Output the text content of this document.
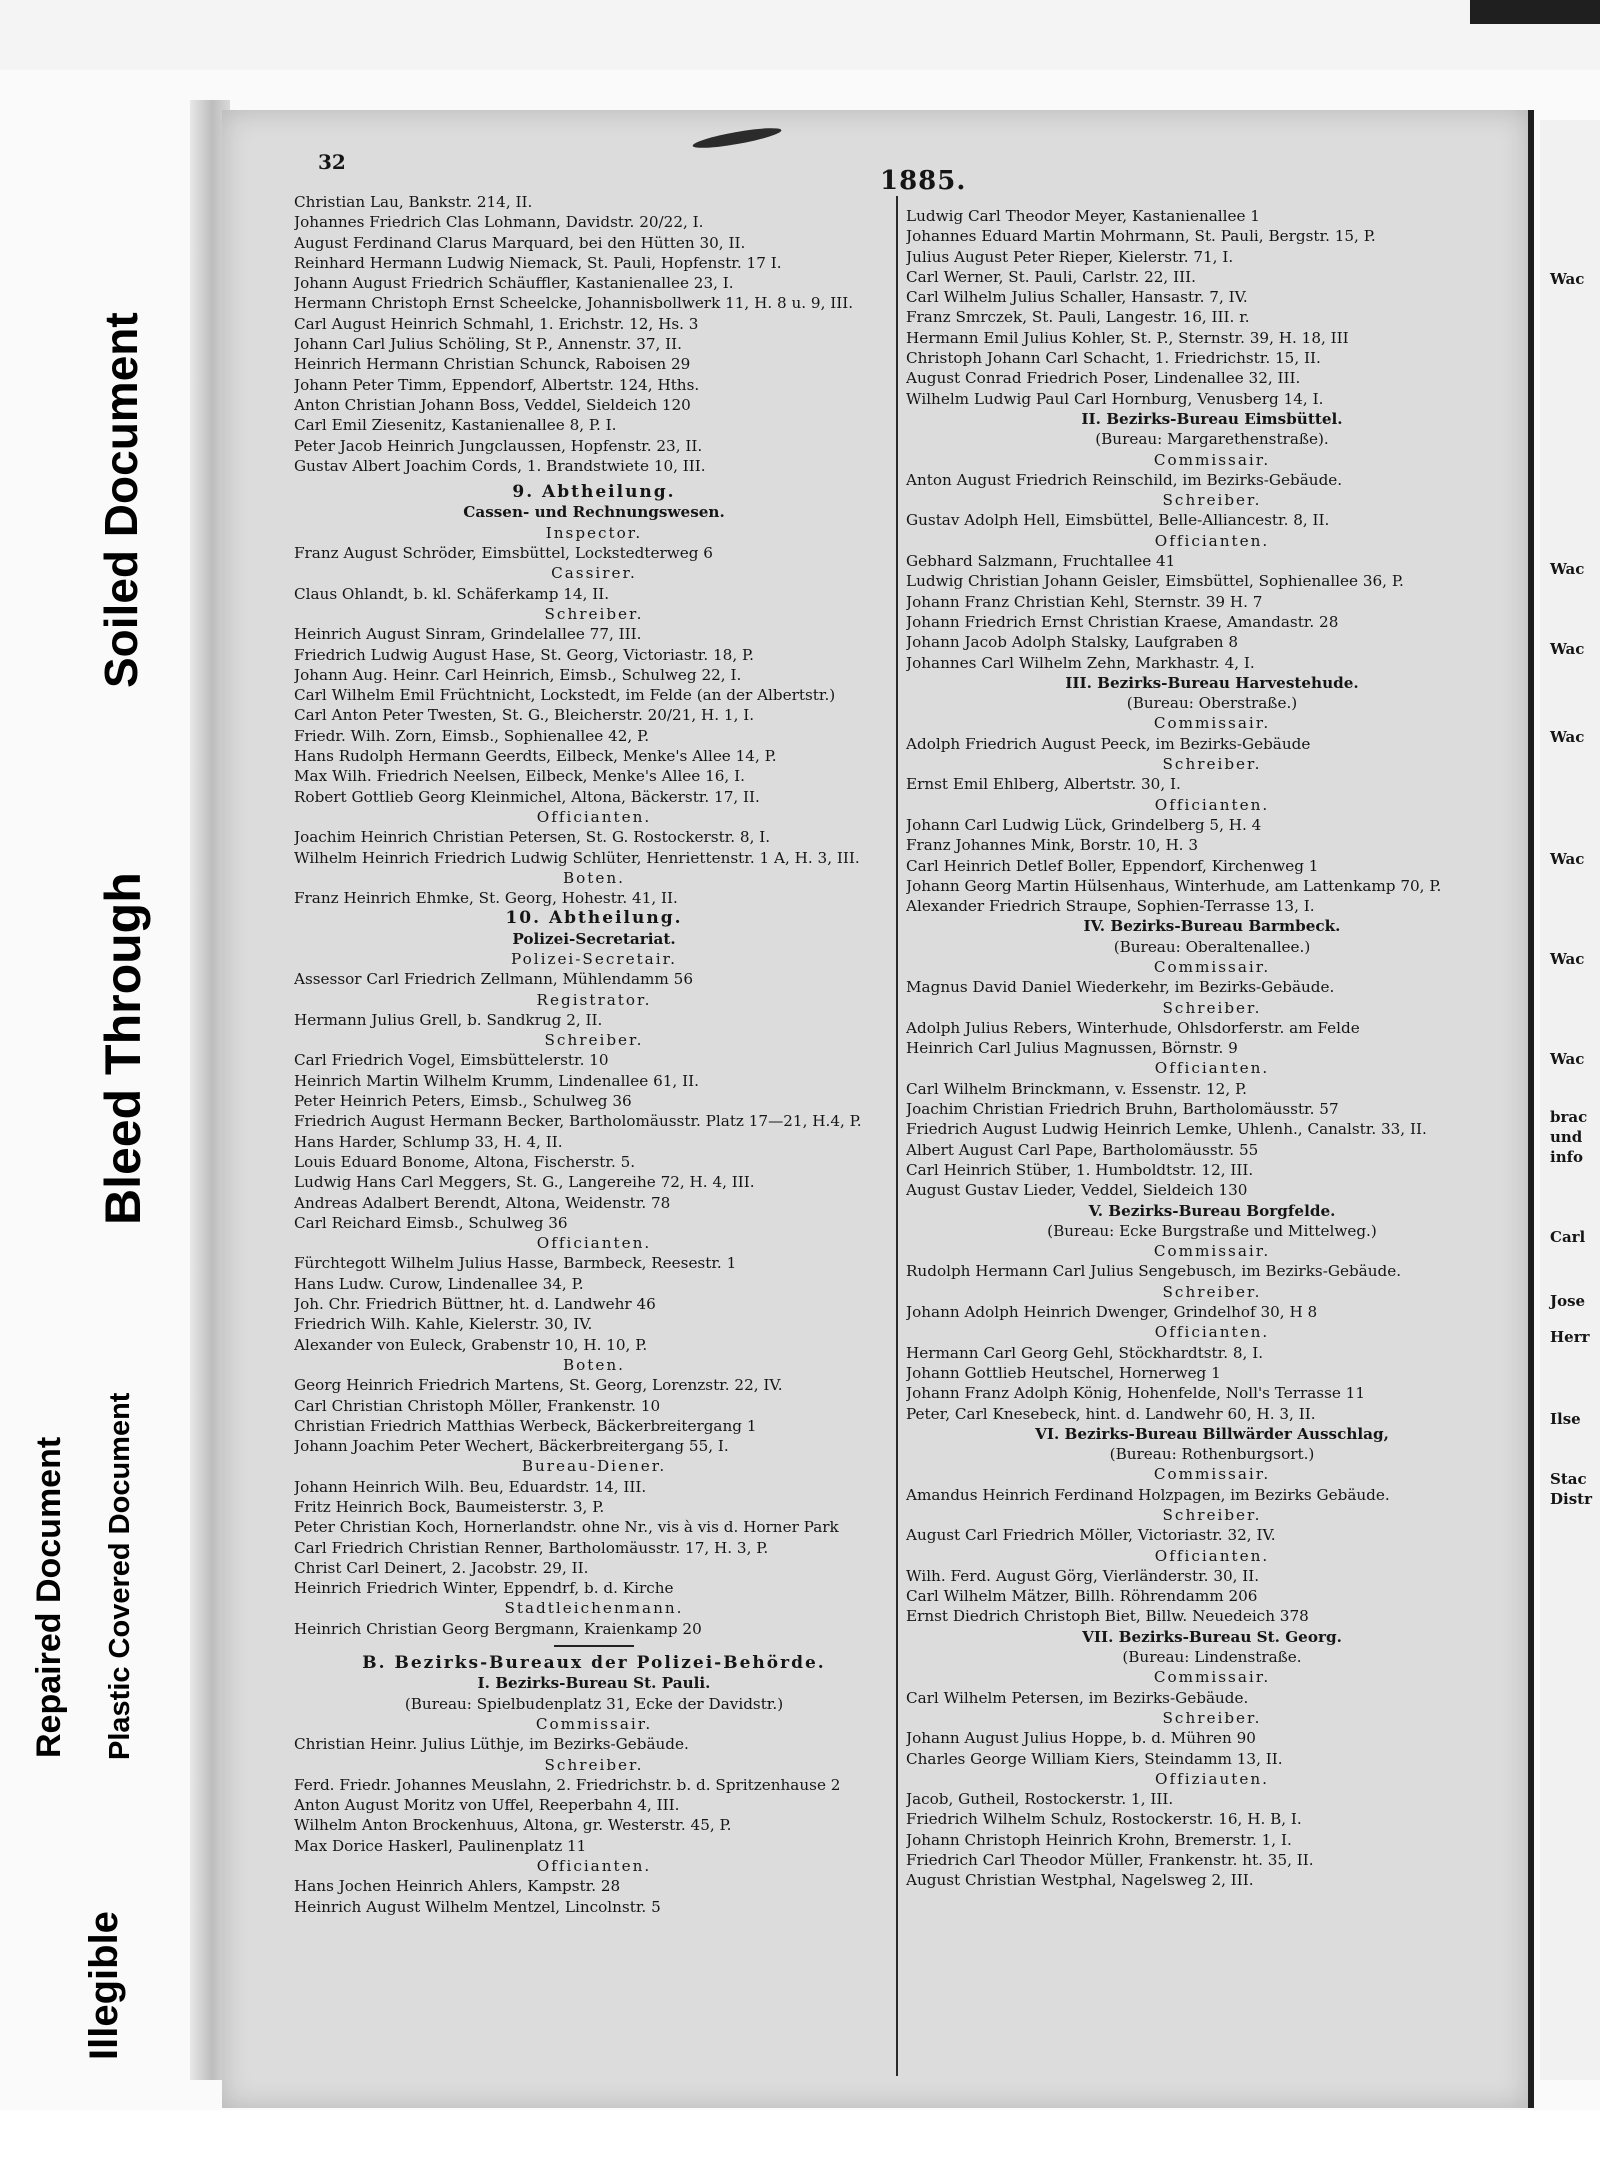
32
1885.
Christian Lau, Bankstr. 214, II.
Johannes Friedrich Clas Lohmann, Davidstr. 20/22, I.
August Ferdinand Clarus Marquard, bei den Hütten 30, II.
Reinhard Hermann Ludwig Niemack, St. Pauli, Hopfenstr. 17 I.
Johann August Friedrich Schäuffler, Kastanienallee 23, I.
Hermann Christoph Ernst Scheelcke, Johannisbollwerk 11, H. 8 u. 9, III.
Carl August Heinrich Schmahl, 1. Erichstr. 12, Hs. 3
Johann Carl Julius Schöling, St P., Annenstr. 37, II.
Heinrich Hermann Christian Schunck, Raboisen 29
Johann Peter Timm, Eppendorf, Albertstr. 124, Hths.
Anton Christian Johann Boss, Veddel, Sieldeich 120
Carl Emil Ziesenitz, Kastanienallee 8, P. I.
Peter Jacob Heinrich Jungclaussen, Hopfenstr. 23, II.
Gustav Albert Joachim Cords, 1. Brandstwiete 10, III.
9. Abtheilung.
Cassen- und Rechnungswesen.
Inspector.
Franz August Schröder, Eimsbüttel, Lockstedterweg 6
Cassirer.
Claus Ohlandt, b. kl. Schäferkamp 14, II.
Schreiber.
Heinrich August Sinram, Grindelallee 77, III.
Friedrich Ludwig August Hase, St. Georg, Victoriastr. 18, P.
Johann Aug. Heinr. Carl Heinrich, Eimsb., Schulweg 22, I.
Carl Wilhelm Emil Früchtnicht, Lockstedt, im Felde (an der Albertstr.)
Carl Anton Peter Twesten, St. G., Bleicherstr. 20/21, H. 1, I.
Friedr. Wilh. Zorn, Eimsb., Sophienallee 42, P.
Hans Rudolph Hermann Geerdts, Eilbeck, Menke's Allee 14, P.
Max Wilh. Friedrich Neelsen, Eilbeck, Menke's Allee 16, I.
Robert Gottlieb Georg Kleinmichel, Altona, Bäckerstr. 17, II.
Officianten.
Joachim Heinrich Christian Petersen, St. G. Rostockerstr. 8, I.
Wilhelm Heinrich Friedrich Ludwig Schlüter, Henriettenstr. 1 A, H. 3, III.
Boten.
Franz Heinrich Ehmke, St. Georg, Hohestr. 41, II.
10. Abtheilung.
Polizei-Secretariat.
Polizei-Secretair.
Assessor Carl Friedrich Zellmann, Mühlendamm 56
Registrator.
Hermann Julius Grell, b. Sandkrug 2, II.
Schreiber.
Carl Friedrich Vogel, Eimsbüttelerstr. 10
Heinrich Martin Wilhelm Krumm, Lindenallee 61, II.
Peter Heinrich Peters, Eimsb., Schulweg 36
Friedrich August Hermann Becker, Bartholomäusstr. Platz 17—21, H.4, P.
Hans Harder, Schlump 33, H. 4, II.
Louis Eduard Bonome, Altona, Fischerstr. 5.
Ludwig Hans Carl Meggers, St. G., Langereihe 72, H. 4, III.
Andreas Adalbert Berendt, Altona, Weidenstr. 78
Carl Reichard Eimsb., Schulweg 36
Officianten.
Fürchtegott Wilhelm Julius Hasse, Barmbeck, Reesestr. 1
Hans Ludw. Curow, Lindenallee 34, P.
Joh. Chr. Friedrich Büttner, ht. d. Landwehr 46
Friedrich Wilh. Kahle, Kielerstr. 30, IV.
Alexander von Euleck, Grabenstr 10, H. 10, P.
Boten.
Georg Heinrich Friedrich Martens, St. Georg, Lorenzstr. 22, IV.
Carl Christian Christoph Möller, Frankenstr. 10
Christian Friedrich Matthias Werbeck, Bäckerbreitergang 1
Johann Joachim Peter Wechert, Bäckerbreitergang 55, I.
Bureau-Diener.
Johann Heinrich Wilh. Beu, Eduardstr. 14, III.
Fritz Heinrich Bock, Baumeisterstr. 3, P.
Peter Christian Koch, Hornerlandstr. ohne Nr., vis à vis d. Horner Park
Carl Friedrich Christian Renner, Bartholomäusstr. 17, H. 3, P.
Christ Carl Deinert, 2. Jacobstr. 29, II.
Heinrich Friedrich Winter, Eppendrf, b. d. Kirche
Stadtleichenmann.
Heinrich Christian Georg Bergmann, Kraienkamp 20
B. Bezirks-Bureaux der Polizei-Behörde.
I. Bezirks-Bureau St. Pauli.
(Bureau: Spielbudenplatz 31, Ecke der Davidstr.)
Commissair.
Christian Heinr. Julius Lüthje, im Bezirks-Gebäude.
Schreiber.
Ferd. Friedr. Johannes Meuslahn, 2. Friedrichstr. b. d. Spritzenhause 2
Anton August Moritz von Uffel, Reeperbahn 4, III.
Wilhelm Anton Brockenhuus, Altona, gr. Westerstr. 45, P.
Max Dorice Haskerl, Paulinenplatz 11
Officianten.
Hans Jochen Heinrich Ahlers, Kampstr. 28
Heinrich August Wilhelm Mentzel, Lincolnstr. 5
Ludwig Carl Theodor Meyer, Kastanienallee 1
Johannes Eduard Martin Mohrmann, St. Pauli, Bergstr. 15, P.
Julius August Peter Rieper, Kielerstr. 71, I.
Carl Werner, St. Pauli, Carlstr. 22, III.
Carl Wilhelm Julius Schaller, Hansastr. 7, IV.
Franz Smrczek, St. Pauli, Langestr. 16, III. r.
Hermann Emil Julius Kohler, St. P., Sternstr. 39, H. 18, III
Christoph Johann Carl Schacht, 1. Friedrichstr. 15, II.
August Conrad Friedrich Poser, Lindenallee 32, III.
Wilhelm Ludwig Paul Carl Hornburg, Venusberg 14, I.
II. Bezirks-Bureau Eimsbüttel.
(Bureau: Margarethenstraße).
Commissair.
Anton August Friedrich Reinschild, im Bezirks-Gebäude.
Schreiber.
Gustav Adolph Hell, Eimsbüttel, Belle-Alliancestr. 8, II.
Officianten.
Gebhard Salzmann, Fruchtallee 41
Ludwig Christian Johann Geisler, Eimsbüttel, Sophienallee 36, P.
Johann Franz Christian Kehl, Sternstr. 39 H. 7
Johann Friedrich Ernst Christian Kraese, Amandastr. 28
Johann Jacob Adolph Stalsky, Laufgraben 8
Johannes Carl Wilhelm Zehn, Markhastr. 4, I.
III. Bezirks-Bureau Harvestehude.
(Bureau: Oberstraße.)
Commissair.
Adolph Friedrich August Peeck, im Bezirks-Gebäude
Schreiber.
Ernst Emil Ehlberg, Albertstr. 30, I.
Officianten.
Johann Carl Ludwig Lück, Grindelberg 5, H. 4
Franz Johannes Mink, Borstr. 10, H. 3
Carl Heinrich Detlef Boller, Eppendorf, Kirchenweg 1
Johann Georg Martin Hülsenhaus, Winterhude, am Lattenkamp 70, P.
Alexander Friedrich Straupe, Sophien-Terrasse 13, I.
IV. Bezirks-Bureau Barmbeck.
(Bureau: Oberaltenallee.)
Commissair.
Magnus David Daniel Wiederkehr, im Bezirks-Gebäude.
Schreiber.
Adolph Julius Rebers, Winterhude, Ohlsdorferstr. am Felde
Heinrich Carl Julius Magnussen, Börnstr. 9
Officianten.
Carl Wilhelm Brinckmann, v. Essenstr. 12, P.
Joachim Christian Friedrich Bruhn, Bartholomäusstr. 57
Friedrich August Ludwig Heinrich Lemke, Uhlenh., Canalstr. 33, II.
Albert August Carl Pape, Bartholomäusstr. 55
Carl Heinrich Stüber, 1. Humboldtstr. 12, III.
August Gustav Lieder, Veddel, Sieldeich 130
V. Bezirks-Bureau Borgfelde.
(Bureau: Ecke Burgstraße und Mittelweg.)
Commissair.
Rudolph Hermann Carl Julius Sengebusch, im Bezirks-Gebäude.
Schreiber.
Johann Adolph Heinrich Dwenger, Grindelhof 30, H 8
Officianten.
Hermann Carl Georg Gehl, Stöckhardtstr. 8, I.
Johann Gottlieb Heutschel, Hornerweg 1
Johann Franz Adolph König, Hohenfelde, Noll's Terrasse 11
Peter, Carl Knesebeck, hint. d. Landwehr 60, H. 3, II.
VI. Bezirks-Bureau Billwärder Ausschlag,
(Bureau: Rothenburgsort.)
Commissair.
Amandus Heinrich Ferdinand Holzpagen, im Bezirks Gebäude.
Schreiber.
August Carl Friedrich Möller, Victoriastr. 32, IV.
Officianten.
Wilh. Ferd. August Görg, Vierländerstr. 30, II.
Carl Wilhelm Mätzer, Billh. Röhrendamm 206
Ernst Diedrich Christoph Biet, Billw. Neuedeich 378
VII. Bezirks-Bureau St. Georg.
(Bureau: Lindenstraße.
Commissair.
Carl Wilhelm Petersen, im Bezirks-Gebäude.
Schreiber.
Johann August Julius Hoppe, b. d. Mühren 90
Charles George William Kiers, Steindamm 13, II.
Offiziauten.
Jacob, Gutheil, Rostockerstr. 1, III.
Friedrich Wilhelm Schulz, Rostockerstr. 16, H. B, I.
Johann Christoph Heinrich Krohn, Bremerstr. 1, I.
Friedrich Carl Theodor Müller, Frankenstr. ht. 35, II.
August Christian Westphal, Nagelsweg 2, III.
Wac
Wac
Wac
Wac
Wac
Wac
Wac
brac
und
info
Carl
Jose
Herr
Ilse
Stac
Distr
Illegible
Repaired Document Plastic Covered Document
Bleed Through
Soiled Document
